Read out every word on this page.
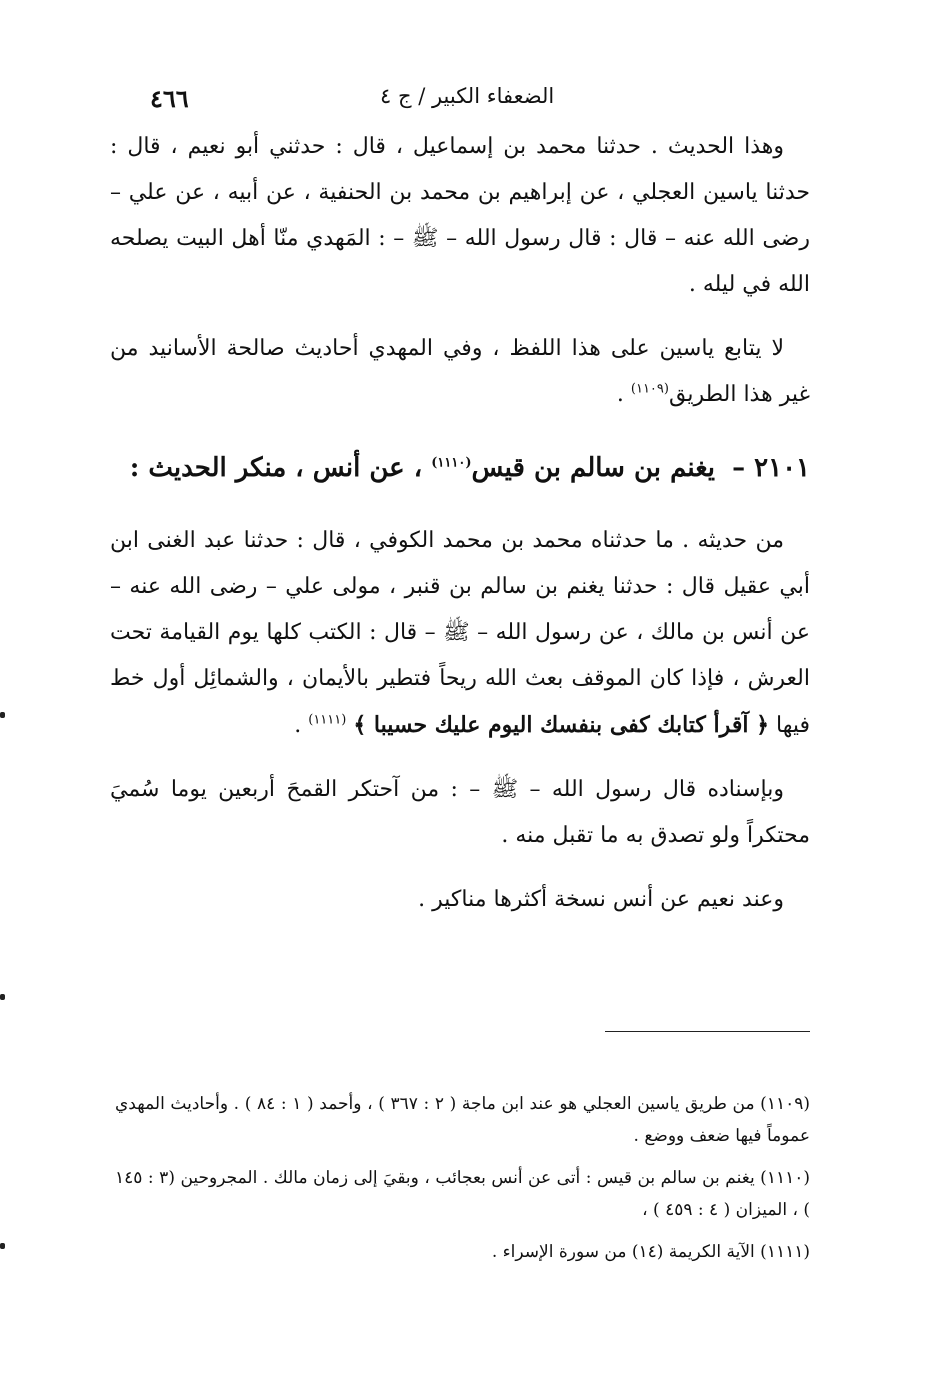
٤٦٦	الضعفاء الكبير / ج ٤

وهذا الحديث . حدثنا محمد بن إسماعيل ، قال : حدثني أبو نعيم ، قال : حدثنا ياسين العجلي ، عن إبراهيم بن محمد بن الحنفية ، عن أبيه ، عن علي – رضى الله عنه – قال : قال رسول الله – ﷺ – : المَهدي منّا أهل البيت يصلحه الله في ليله .

لا يتابع ياسين على هذا اللفظ ، وفي المهدي أحاديث صالحة الأسانيد من غير هذا الطريق$^{(١١٠٩)}$ .

٢١٠١ – يغنم بن سالم بن قيس$^{(١١١٠)}$ ، عن أنس ، منكر الحديث :

من حديثه . ما حدثناه محمد بن محمد الكوفي ، قال : حدثنا عبد الغنى ابن أبي عقيل قال : حدثنا يغنم بن سالم بن قنبر ، مولى علي – رضى الله عنه – عن أنس بن مالك ، عن رسول الله – ﷺ – قال : الكتب كلها يوم القيامة تحت العرش ، فإذا كان الموقف بعث الله ريحاً فتطير بالأيمان ، والشمائِل أول خط فيها ﴿ آقرأ كتابك كفى بنفسك اليوم عليك حسيبا ﴾ $^{(١١١١)}$ .

وبإسناده قال رسول الله – ﷺ – : من آحتكر القمحَ أربعين يوما سُميَ محتكراً ولو تصدق به ما تقبل منه .

وعند نعيم عن أنس نسخة أكثرها مناكير .

(١١٠٩) من طريق ياسين العجلي هو عند ابن ماجة ( ٢ : ٣٦٧ ) ، وأحمد ( ١ : ٨٤ ) . وأحاديث المهدي عموماً فيها ضعف ووضع .

(١١١٠) يغنم بن سالم بن قيس : أتى عن أنس بعجائب ، وبقيَ إلى زمان مالك . المجروحين (٣ : ١٤٥ ) ، الميزان ( ٤ : ٤٥٩ ) ،

(١١١١) الآية الكريمة (١٤) من سورة الإسراء .
